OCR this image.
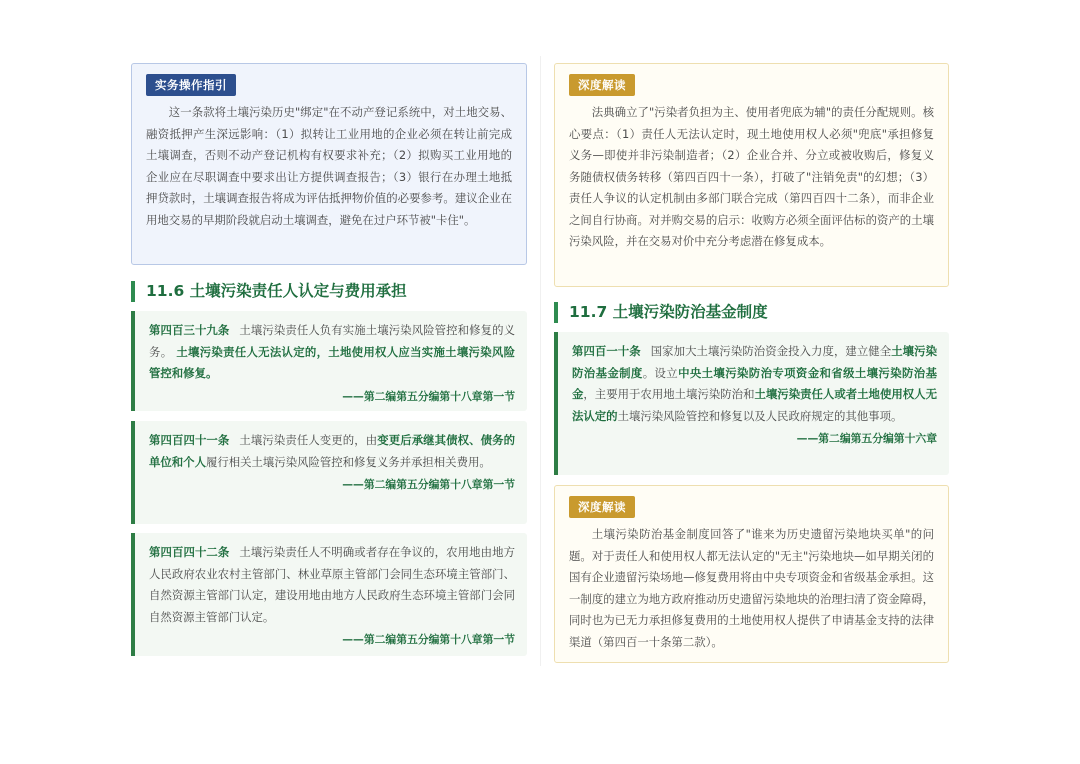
实务操作指引

这一条款将土壤污染历史"绑定"在不动产登记系统中，对土地交易、融资抵押产生深远影响：（1）拟转让工业用地的企业必须在转让前完成土壤调查，否则不动产登记机构有权要求补充；（2）拟购买工业用地的企业应在尽职调查中要求出让方提供调查报告；（3）银行在办理土地抵押贷款时，土壤调查报告将成为评估抵押物价值的必要参考。建议企业在用地交易的早期阶段就启动土壤调查，避免在过户环节被"卡住"。

11.6 土壤污染责任人认定与费用承担
第四百三十九条 土壤污染责任人负有实施土壤污染风险管控和修复的义务。 土壤污染责任人无法认定的，土地使用权人应当实施土壤污染风险管控和修复。
——第二编第五分编第十八章第一节
第四百四十一条 土壤污染责任人变更的，由变更后承继其债权、债务的单位和个人履行相关土壤污染风险管控和修复义务并承担相关费用。
——第二编第五分编第十八章第一节
第四百四十二条 土壤污染责任人不明确或者存在争议的，农用地由地方人民政府农业农村主管部门、林业草原主管部门会同生态环境主管部门、自然资源主管部门认定，建设用地由地方人民政府生态环境主管部门会同自然资源主管部门认定。
——第二编第五分编第十八章第一节
深度解读

法典确立了"污染者负担为主、使用者兜底为辅"的责任分配规则。核心要点：（1）责任人无法认定时，现土地使用权人必须"兜底"承担修复义务—即使并非污染制造者；（2）企业合并、分立或被收购后，修复义务随债权债务转移（第四百四十一条），打破了"注销免责"的幻想；（3）责任人争议的认定机制由多部门联合完成（第四百四十二条），而非企业之间自行协商。对并购交易的启示：收购方必须全面评估标的资产的土壤污染风险，并在交易对价中充分考虑潜在修复成本。

11.7 土壤污染防治基金制度
第四百一十条 国家加大土壤污染防治资金投入力度，建立健全土壤污染防治基金制度。设立中央土壤污染防治专项资金和省级土壤污染防治基金，主要用于农用地土壤污染防治和土壤污染责任人或者土地使用权人无法认定的土壤污染风险管控和修复以及人民政府规定的其他事项。
——第二编第五分编第十六章
深度解读

土壤污染防治基金制度回答了"谁来为历史遗留污染地块买单"的问题。对于责任人和使用权人都无法认定的"无主"污染地块—如早期关闭的国有企业遗留污染场地—修复费用将由中央专项资金和省级基金承担。这一制度的建立为地方政府推动历史遗留污染地块的治理扫清了资金障碍，同时也为已无力承担修复费用的土地使用权人提供了申请基金支持的法律渠道（第四百一十条第二款）。
